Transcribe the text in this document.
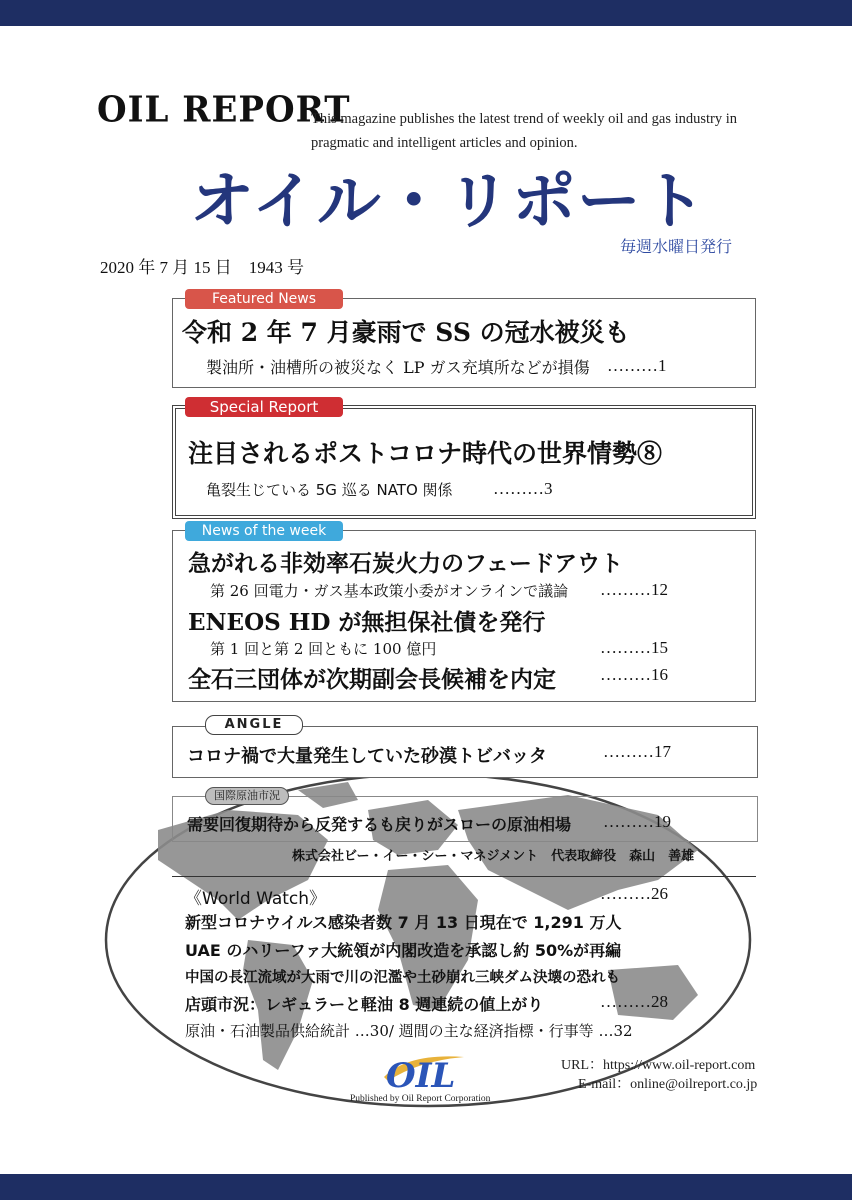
OIL REPORT
This magazine publishes the latest trend of weekly oil and gas industry in pragmatic and intelligent articles and opinion.
オイル・リポート
毎週水曜日発行
2020 年 7 月 15 日　1943 号
Featured News
令和 2 年 7 月豪雨で SS の冠水被災も
製油所・油槽所の被災なく LP ガス充填所などが損傷 ………1
Special Report
注目されるポストコロナ時代の世界情勢⑧
亀裂生じている 5G 巡る NATO 関係 ………3
News of the week
急がれる非効率石炭火力のフェードアウト
第 26 回電力・ガス基本政策小委がオンラインで議論 ………12
ENEOS HD が無担保社債を発行
第 1 回と第 2 回ともに 100 億円	………15
全石三団体が次期副会長候補を内定	………16
ANGLE
コロナ禍で大量発生していた砂漠トビバッタ	………17
国際原油市況
需要回復期待から反発するも戻りがスローの原油相場 ………19
株式会社ビー・イー・シー・マネジメント　代表取締役　森山　善雄
《World Watch》	………26
新型コロナウイルス感染者数 7 月 13 日現在で 1,291 万人
UAE のハリーファ大統領が内閣改造を承認し約 50%が再編
中国の長江流域が大雨で川の氾濫や土砂崩れ三峡ダム決壊の恐れも
店頭市況：レギュラーと軽油 8 週連続の値上がり	………28
原油・石油製品供給統計 …30/ 週間の主な経済指標・行事等 …32
OIL
Published by Oil Report Corporation
URL：https://www.oil-report.com
E-mail：online@oilreport.co.jp
